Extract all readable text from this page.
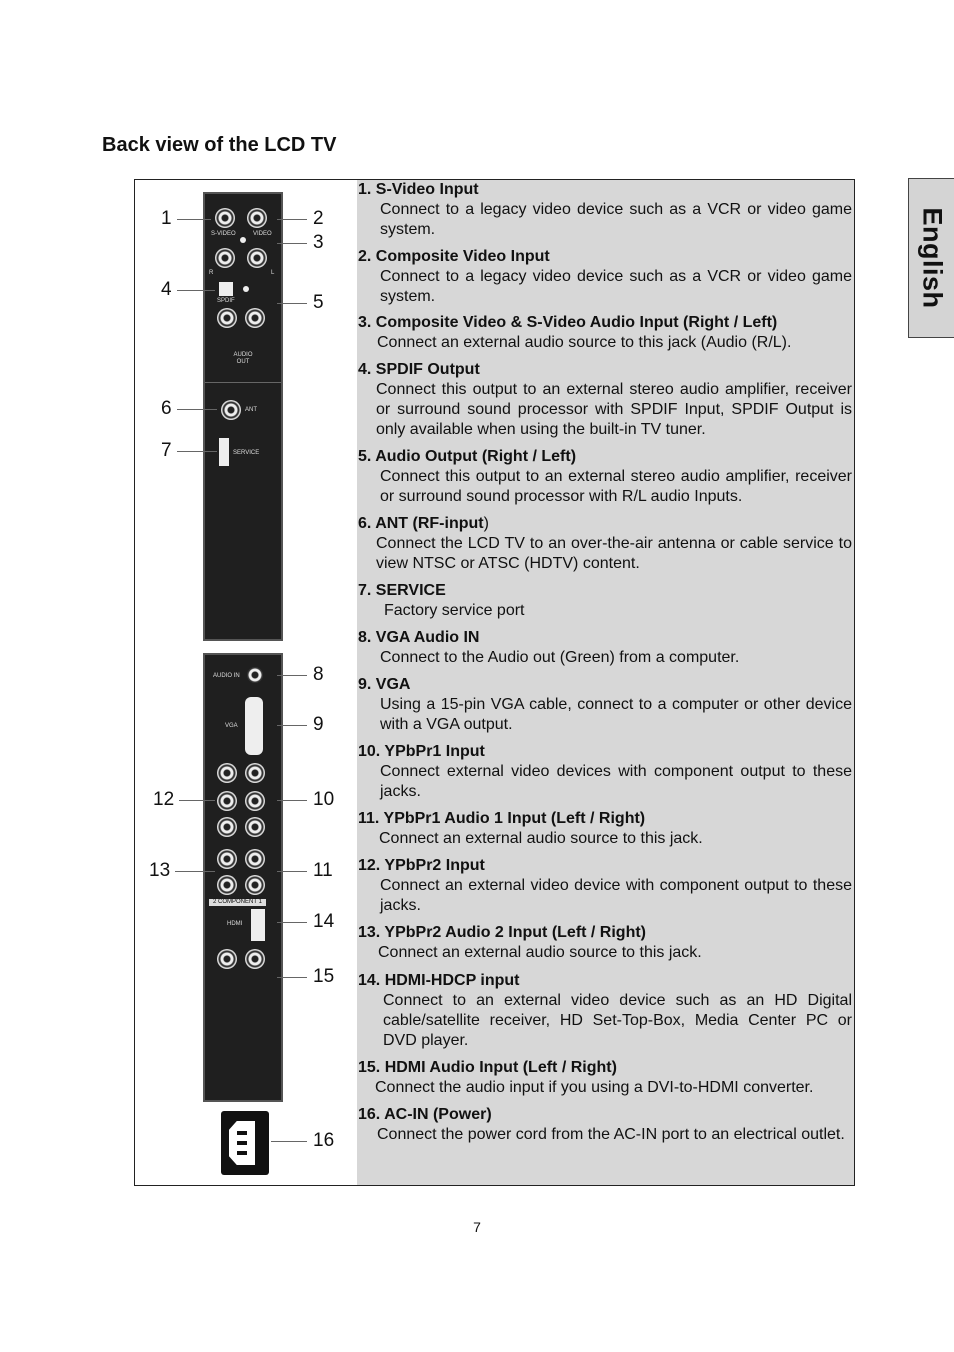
Back view of the LCD TV
English
S-VIDEO	VIDEO
R	L
SPDIF
AUDIO OUT
ANT
SERVICE
AUDIO IN
VGA
2 COMPONENT 1
HDMI
1	2
3
4
5
6
7
8
9
10
11
12
13
14
15
16
1. S-Video Input
Connect to a legacy video device such as a VCR or video game system.
2. Composite Video Input
Connect to a legacy video device such as a VCR or video game system.
3. Composite Video & S-Video Audio Input (Right / Left)
Connect an external audio source to this jack (Audio (R/L).
4. SPDIF Output
Connect this output to an external stereo audio amplifier, receiver or surround sound processor with SPDIF Input, SPDIF Output is only available when using the built-in TV tuner.
5. Audio Output (Right / Left)
Connect this output to an external stereo audio amplifier, receiver or surround sound processor with R/L audio Inputs.
6. ANT (RF-input)
Connect the LCD TV to an over-the-air antenna or cable service to view NTSC or ATSC (HDTV) content.
7. SERVICE
Factory service port
8. VGA Audio IN
Connect to the Audio out (Green) from a computer.
9. VGA
Using a 15-pin VGA cable, connect to a computer or other device with a VGA output.
10. YPbPr1 Input
Connect external video devices with component output to these jacks.
11. YPbPr1 Audio 1 Input (Left / Right)
Connect an external audio source to this jack.
12. YPbPr2 Input
Connect an external video device with component output to these jacks.
13. YPbPr2 Audio 2 Input (Left / Right)
Connect an external audio source to this jack.
14. HDMI-HDCP input
Connect to an external video device such as an HD Digital cable/satellite receiver, HD Set-Top-Box, Media Center PC or DVD player.
15. HDMI Audio Input (Left / Right)
Connect the audio input if you using a DVI-to-HDMI converter.
16. AC-IN (Power)
Connect the power cord from the AC-IN port to an electrical outlet.
7
